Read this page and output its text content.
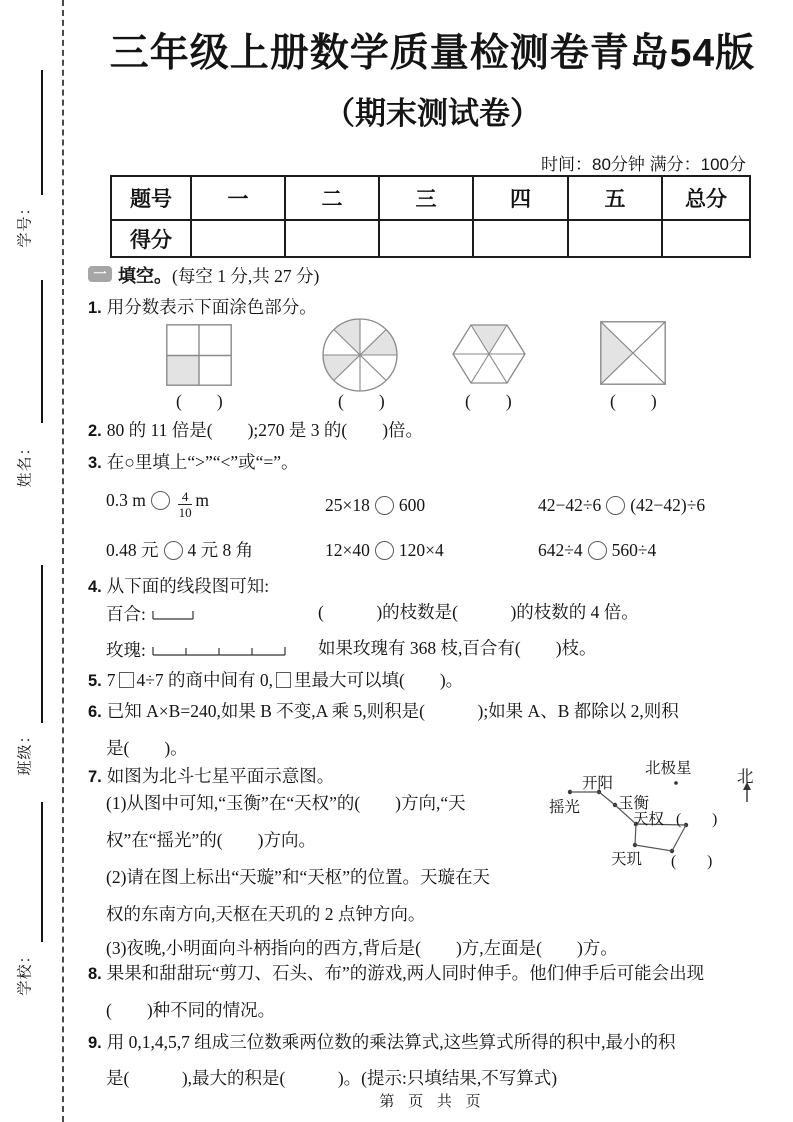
学号：
姓名：
班级：
学校：
三年级上册数学质量检测卷青岛54版
（期末测试卷）
时间：80分钟 满分：100分
题号	一	二	三	四	五	总分
得分						
一 填空。(每空 1 分,共 27 分)
1. 用分数表示下面涂色部分。
(　　)	(　　)	(　　)	(　　)
2. 80 的 11 倍是(　　);270 是 3 的(　　)倍。
3. 在○里填上“>”“<”或“=”。
0.3 m $\frac{4}{10}$ m	25×18 600	42−42÷6 (42−42)÷6
0.48 元 4 元 8 角	12×40 120×4	642÷4 560÷4
4. 从下面的线段图可知:
百合:	(　　　)的枝数是(　　　)的枝数的 4 倍。
玫瑰:	如果玫瑰有 368 枝,百合有(　　)枝。
5. 7 4÷7 的商中间有 0, 里最大可以填(　　)。
6. 已知 A×B=240,如果 B 不变,A 乘 5,则积是(　　　);如果 A、B 都除以 2,则积
是(　　)。
7. 如图为北斗七星平面示意图。	北极星	北
开阳
摇光 玉衡
天权
天玑
(　　)
(　　)
(1)从图中可知,“玉衡”在“天权”的(　　)方向,“天
权”在“摇光”的(　　)方向。
(2)请在图上标出“天璇”和“天枢”的位置。天璇在天
权的东南方向,天枢在天玑的 2 点钟方向。
(3)夜晚,小明面向斗柄指向的西方,背后是(　　)方,左面是(　　)方。
8. 果果和甜甜玩“剪刀、石头、布”的游戏,两人同时伸手。他们伸手后可能会出现
(　　)种不同的情况。
9. 用 0,1,4,5,7 组成三位数乘两位数的乘法算式,这些算式所得的积中,最小的积
是(　　　),最大的积是(　　　)。(提示:只填结果,不写算式)
第 页 共 页
